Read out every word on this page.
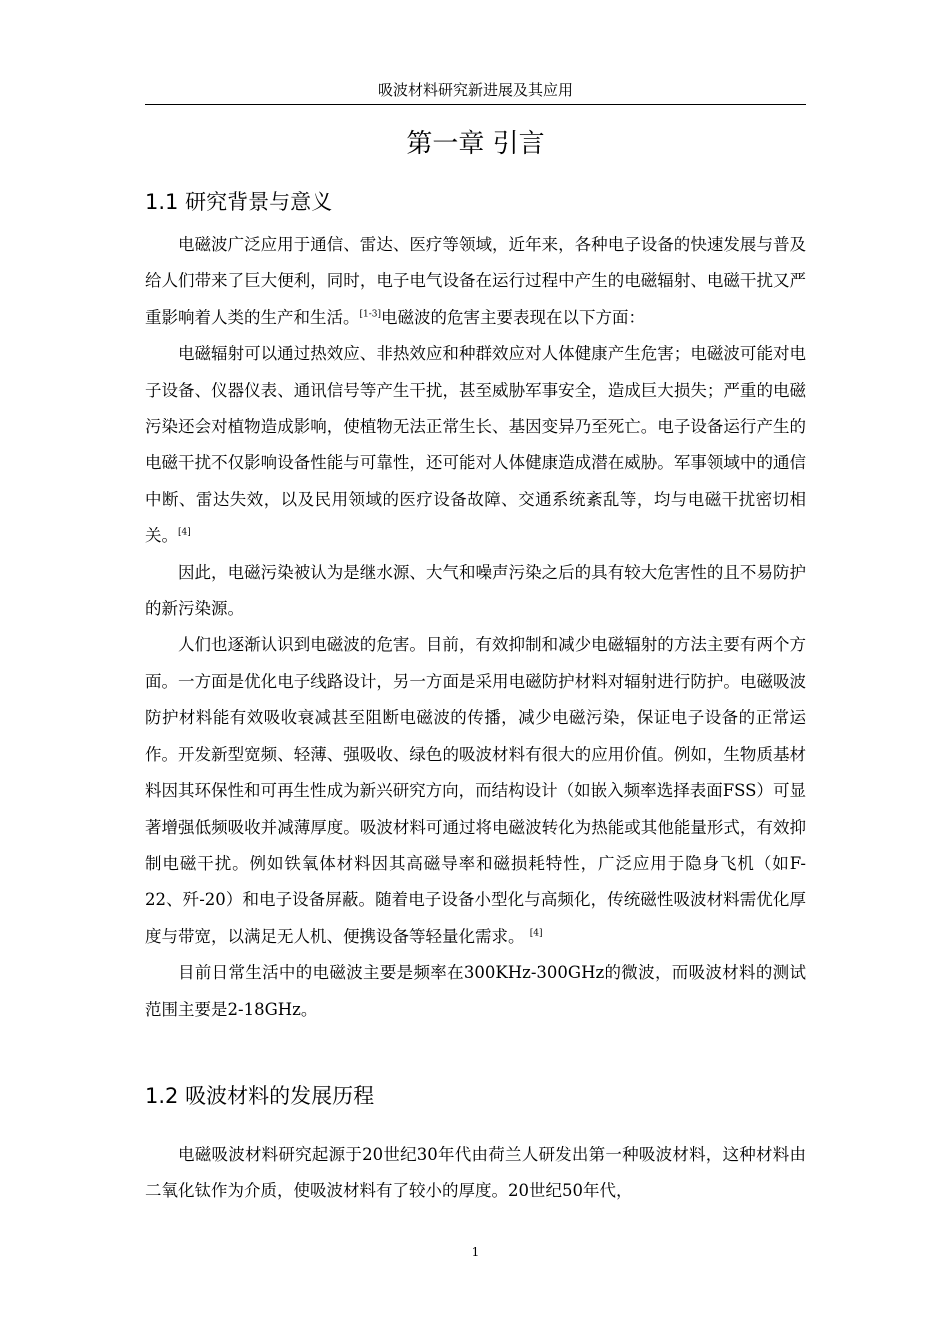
吸波材料研究新进展及其应用
第一章 引言
1.1 研究背景与意义

电磁波广泛应用于通信、雷达、医疗等领域，近年来，各种电子设备的快速发展与普及给人们带来了巨大便利，同时，电子电气设备在运行过程中产生的电磁辐射、电磁干扰又严重影响着人类的生产和生活。[1-3]电磁波的危害主要表现在以下方面：

电磁辐射可以通过热效应、非热效应和种群效应对人体健康产生危害；电磁波可能对电子设备、仪器仪表、通讯信号等产生干扰，甚至威胁军事安全，造成巨大损失；严重的电磁污染还会对植物造成影响，使植物无法正常生长、基因变异乃至死亡。电子设备运行产生的电磁干扰不仅影响设备性能与可靠性，还可能对人体健康造成潜在威胁。军事领域中的通信中断、雷达失效，以及民用领域的医疗设备故障、交通系统紊乱等，均与电磁干扰密切相关。[4]

因此，电磁污染被认为是继水源、大气和噪声污染之后的具有较大危害性的且不易防护的新污染源。

人们也逐渐认识到电磁波的危害。目前，有效抑制和减少电磁辐射的方法主要有两个方面。一方面是优化电子线路设计，另一方面是采用电磁防护材料对辐射进行防护。电磁吸波防护材料能有效吸收衰减甚至阻断电磁波的传播，减少电磁污染，保证电子设备的正常运作。开发新型宽频、轻薄、强吸收、绿色的吸波材料有很大的应用价值。例如，生物质基材料因其环保性和可再生性成为新兴研究方向，而结构设计（如嵌入频率选择表面FSS）可显著增强低频吸收并减薄厚度。吸波材料可通过将电磁波转化为热能或其他能量形式，有效抑制电磁干扰。例如铁氧体材料因其高磁导率和磁损耗特性，广泛应用于隐身飞机（如F-22、歼-20）和电子设备屏蔽。随着电子设备小型化与高频化，传统磁性吸波材料需优化厚度与带宽，以满足无人机、便携设备等轻量化需求。 [4]

目前日常生活中的电磁波主要是频率在300KHz-300GHz的微波，而吸波材料的测试范围主要是2-18GHz。

1.2 吸波材料的发展历程

电磁吸波材料研究起源于20世纪30年代由荷兰人研发出第一种吸波材料，这种材料由二氧化钛作为介质，使吸波材料有了较小的厚度。20世纪50年代，

1
